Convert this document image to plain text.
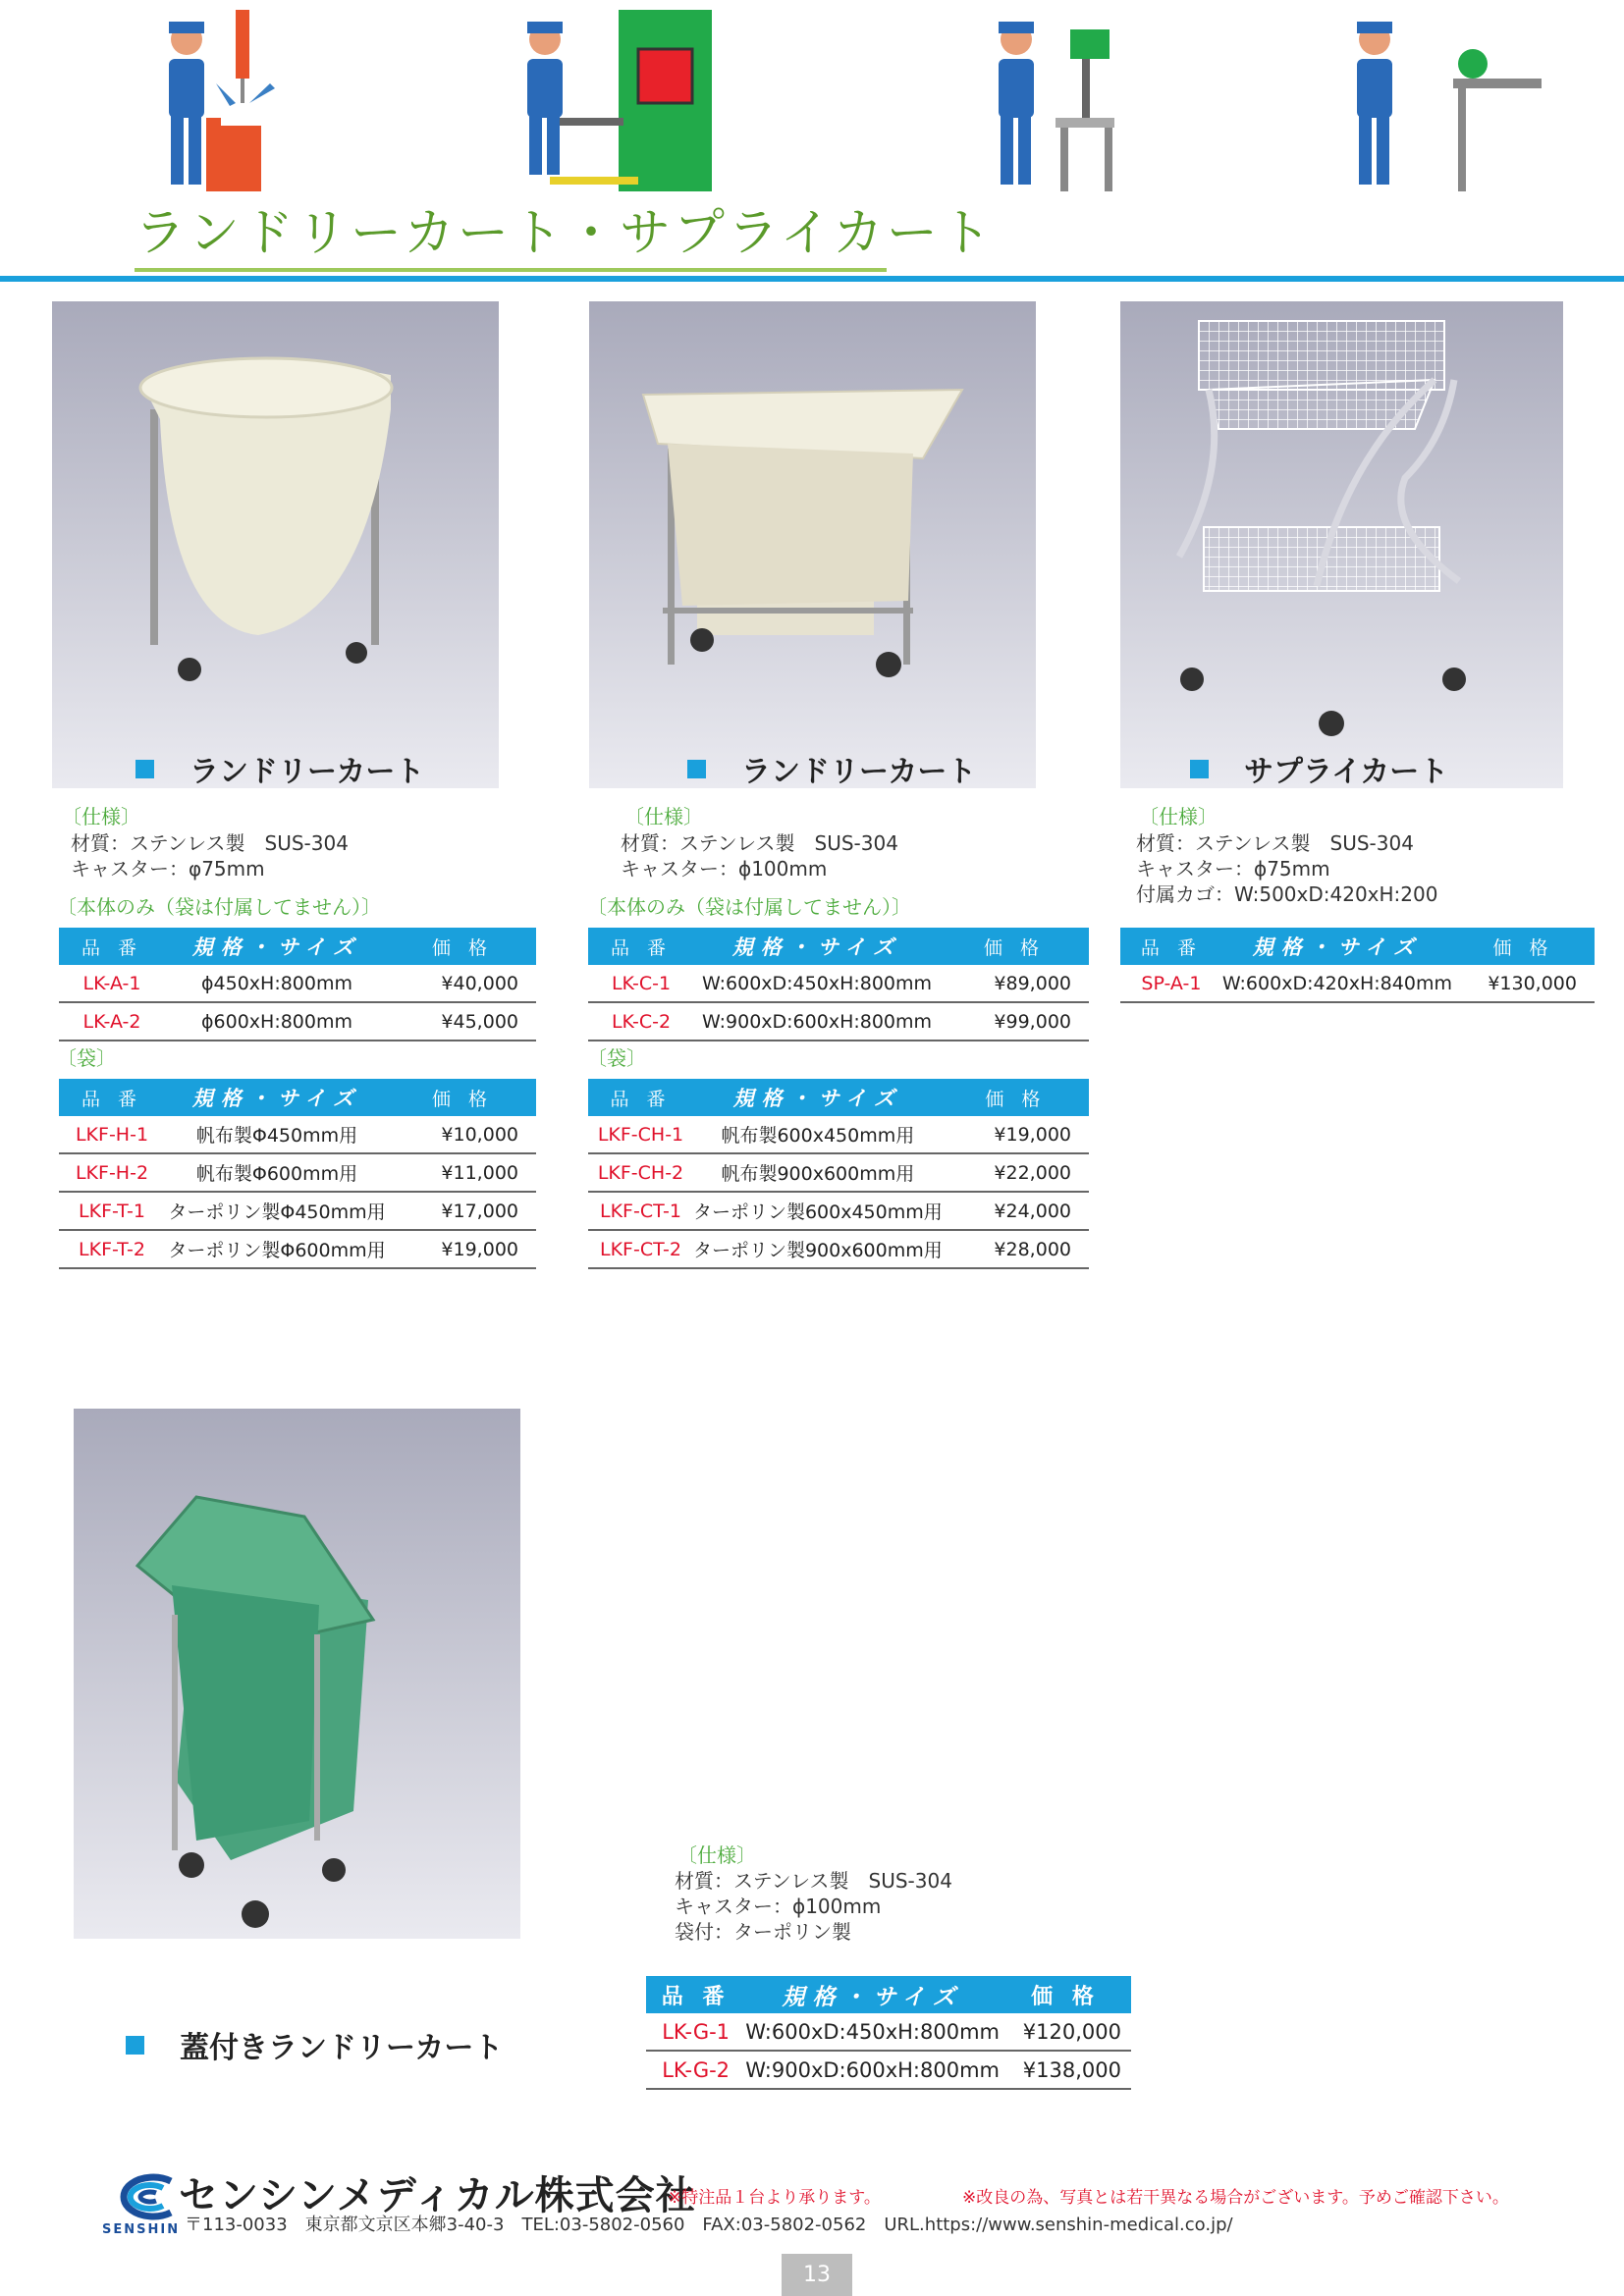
ランドリーカート・サプライカート
ランドリーカート
〔仕様〕
材質：ステンレス製　SUS-304
キャスター：φ75mm
〔本体のみ（袋は付属してません）〕
品 番	規格・サイズ	価 格
LK-A-1	ϕ450xH:800mm	¥40,000
LK-A-2	ϕ600xH:800mm	¥45,000
〔袋〕
品 番	規格・サイズ	価 格
LKF-H-1	帆布製Φ450mm用	¥10,000
LKF-H-2	帆布製Φ600mm用	¥11,000
LKF-T-1	ターポリン製Φ450mm用	¥17,000
LKF-T-2	ターポリン製Φ600mm用	¥19,000
ランドリーカート
〔仕様〕
材質：ステンレス製　SUS-304
キャスター：ϕ100mm
〔本体のみ（袋は付属してません）〕
品 番	規格・サイズ	価 格
LK-C-1	W:600xD:450xH:800mm	¥89,000
LK-C-2	W:900xD:600xH:800mm	¥99,000
〔袋〕
品 番	規格・サイズ	価 格
LKF-CH-1	帆布製600x450mm用	¥19,000
LKF-CH-2	帆布製900x600mm用	¥22,000
LKF-CT-1	ターポリン製600x450mm用	¥24,000
LKF-CT-2	ターポリン製900x600mm用	¥28,000
サプライカート
〔仕様〕
材質：ステンレス製　SUS-304
キャスター：ϕ75mm
付属カゴ：W:500xD:420xH:200
品 番	規格・サイズ	価 格
SP-A-1	W:600xD:420xH:840mm	¥130,000
蓋付きランドリーカート
〔仕様〕
材質：ステンレス製　SUS-304
キャスター：ϕ100mm
袋付：ターポリン製
品 番	規格・サイズ	価 格
LK-G-1	W:600xD:450xH:800mm	¥120,000
LK-G-2	W:900xD:600xH:800mm	¥138,000
センシンメディカル株式会社
SENSHIN
※特注品１台より承ります。	※改良の為、写真とは若干異なる場合がございます。予めご確認下さい。
〒113-0033　東京都文京区本郷3-40-3　TEL:03-5802-0560　FAX:03-5802-0562　URL.https://www.senshin-medical.co.jp/
13
